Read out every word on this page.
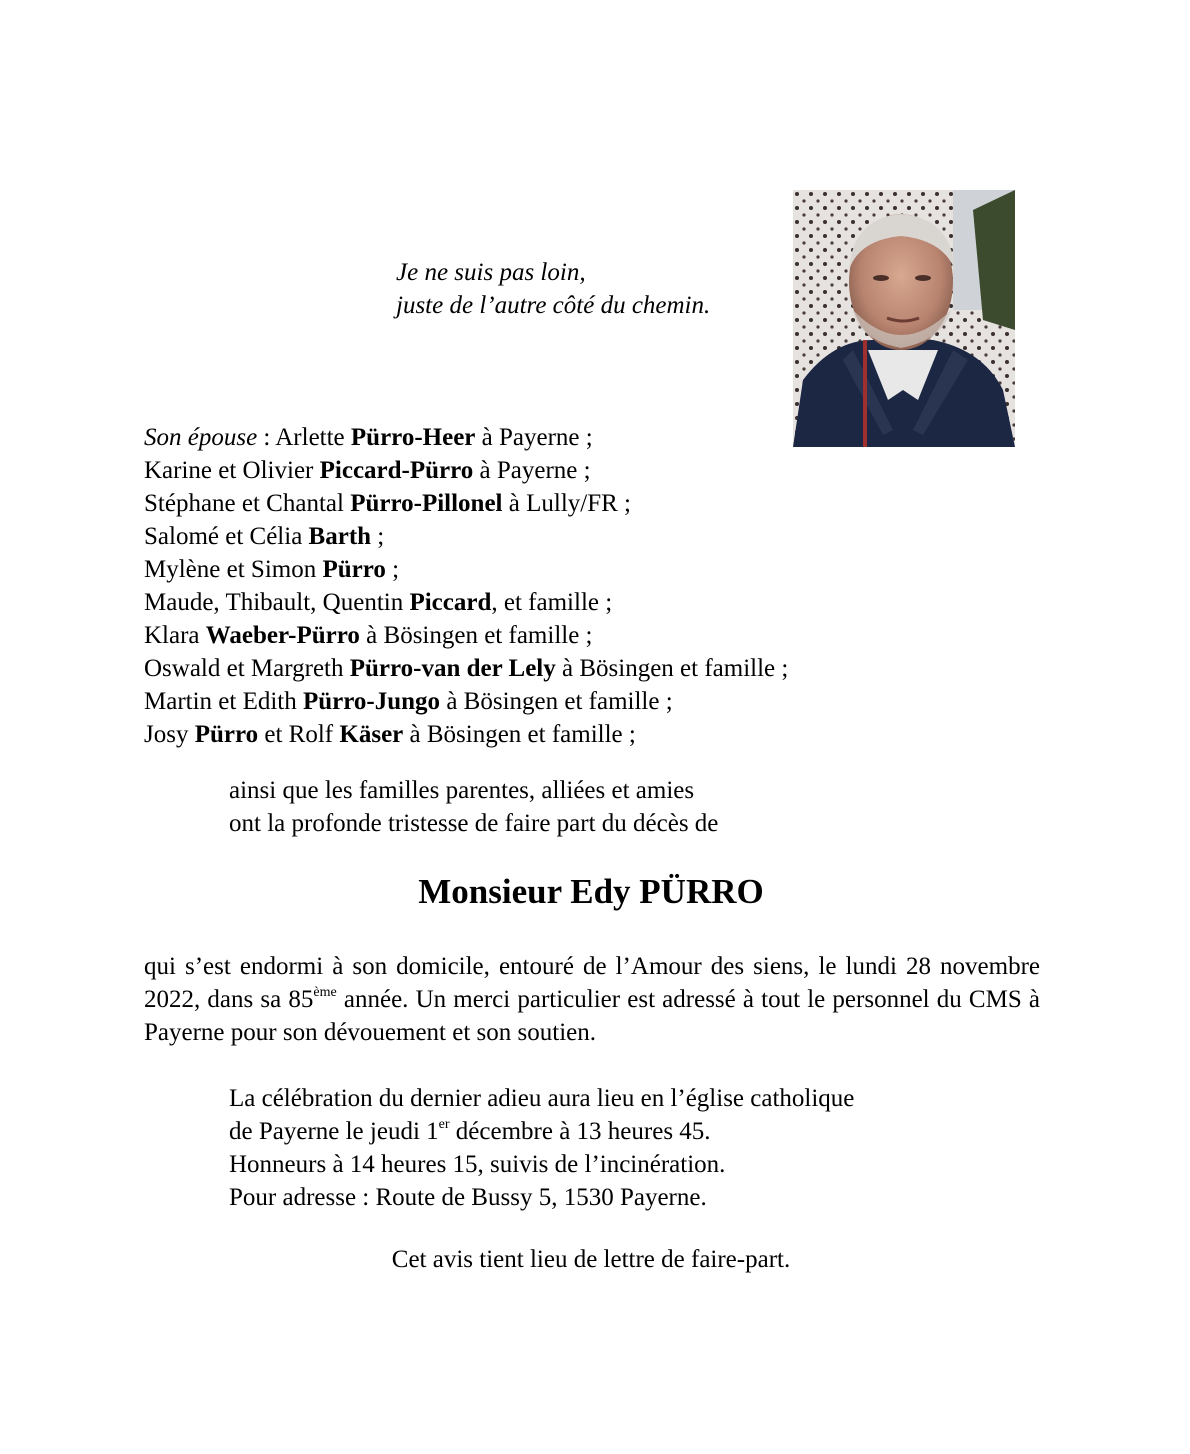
Je ne suis pas loin,
juste de l’autre côté du chemin.
Son épouse : Arlette Pürro-Heer à Payerne ;
Karine et Olivier Piccard-Pürro à Payerne ;
Stéphane et Chantal Pürro-Pillonel à Lully/FR ;
Salomé et Célia Barth ;
Mylène et Simon Pürro ;
Maude, Thibault, Quentin Piccard, et famille ;
Klara Waeber-Pürro à Bösingen et famille ;
Oswald et Margreth Pürro-van der Lely à Bösingen et famille ;
Martin et Edith Pürro-Jungo à Bösingen et famille ;
Josy Pürro et Rolf Käser à Bösingen et famille ;
ainsi que les familles parentes, alliées et amies
ont la profonde tristesse de faire part du décès de
Monsieur Edy PÜRRO
qui s’est endormi à son domicile, entouré de l’Amour des siens, le lundi 28 novembre 2022, dans sa 85ème année. Un merci particulier est adressé à tout le personnel du CMS à Payerne pour son dévouement et son soutien.
La célébration du dernier adieu aura lieu en l’église catholique
de Payerne le jeudi 1er décembre à 13 heures 45.
Honneurs à 14 heures 15, suivis de l’incinération.
Pour adresse : Route de Bussy 5, 1530 Payerne.
Cet avis tient lieu de lettre de faire-part.
